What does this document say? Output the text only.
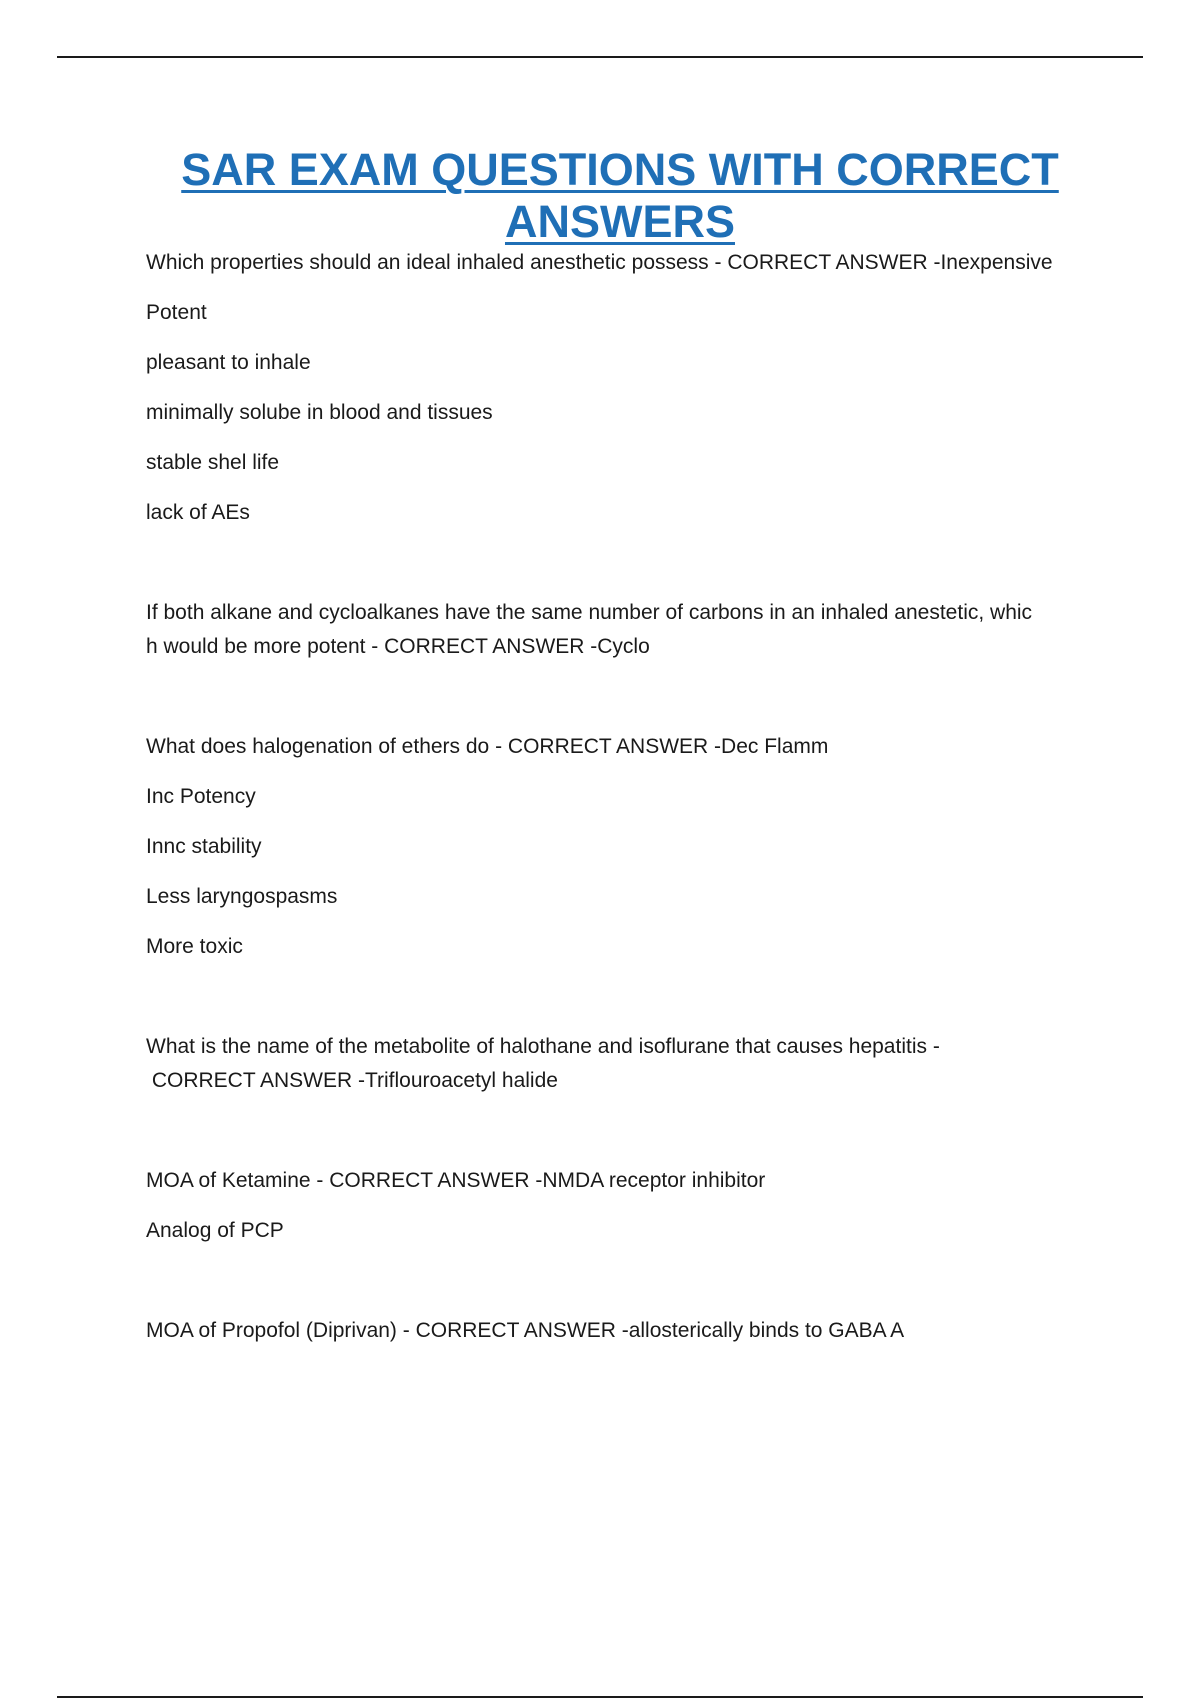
SAR EXAM QUESTIONS WITH CORRECT ANSWERS

Which properties should an ideal inhaled anesthetic possess - CORRECT ANSWER -Inexpensive

Potent

pleasant to inhale

minimally solube in blood and tissues

stable shel life

lack of AEs

If both alkane and cycloalkanes have the same number of carbons in an inhaled anestetic, whic
h would be more potent - CORRECT ANSWER -Cyclo

What does halogenation of ethers do - CORRECT ANSWER -Dec Flamm

Inc Potency

Innc stability

Less laryngospasms

More toxic

What is the name of the metabolite of halothane and isoflurane that causes hepatitis -
CORRECT ANSWER -Triflouroacetyl halide

MOA of Ketamine - CORRECT ANSWER -NMDA receptor inhibitor

Analog of PCP

MOA of Propofol (Diprivan) - CORRECT ANSWER -allosterically binds to GABA A
